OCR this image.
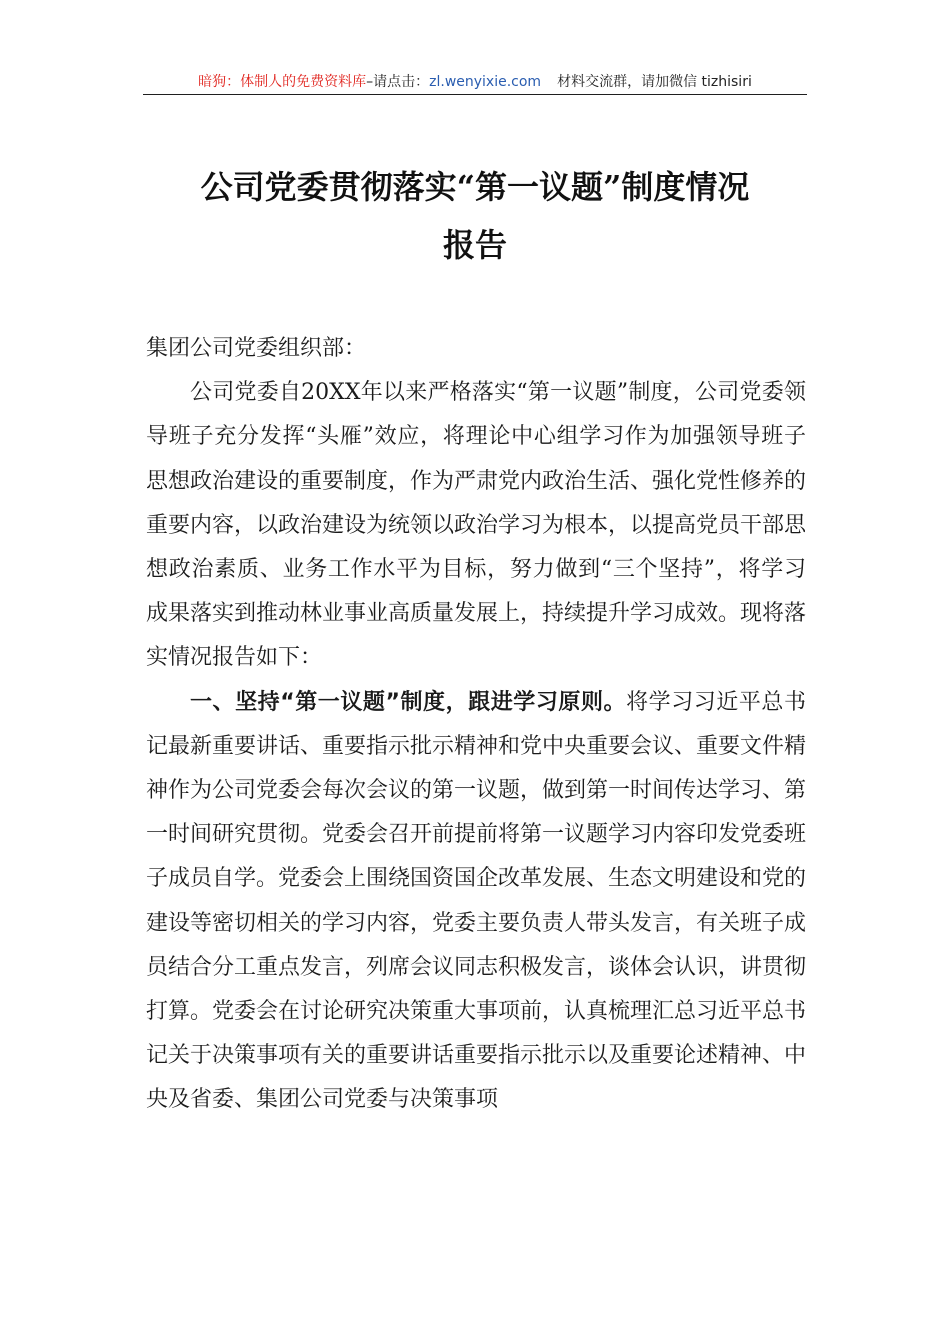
暗狗：体制人的免费资料库 –请点击： zl.wenyixie.com 材料交流群，请加微信 tizhisiri
公司党委贯彻落实“第一议题”制度情况
报告

集团公司党委组织部：

公司党委自20XX年以来严格落实“第一议题”制度，公司党委领导班子充分发挥“头雁”效应，将理论中心组学习作为加强领导班子思想政治建设的重要制度，作为严肃党内政治生活、强化党性修养的重要内容，以政治建设为统领以政治学习为根本，以提高党员干部思想政治素质、业务工作水平为目标，努力做到“三个坚持”，将学习成果落实到推动林业事业高质量发展上，持续提升学习成效。现将落实情况报告如下：

一、坚持“第一议题”制度，跟进学习原则。将学习习近平总书记最新重要讲话、重要指示批示精神和党中央重要会议、重要文件精神作为公司党委会每次会议的第一议题，做到第一时间传达学习、第一时间研究贯彻。党委会召开前提前将第一议题学习内容印发党委班子成员自学。党委会上围绕国资国企改革发展、生态文明建设和党的建设等密切相关的学习内容，党委主要负责人带头发言，有关班子成员结合分工重点发言，列席会议同志积极发言，谈体会认识，讲贯彻打算。党委会在讨论研究决策重大事项前，认真梳理汇总习近平总书记关于决策事项有关的重要讲话重要指示批示以及重要论述精神、中央及省委、集团公司党委与决策事项
